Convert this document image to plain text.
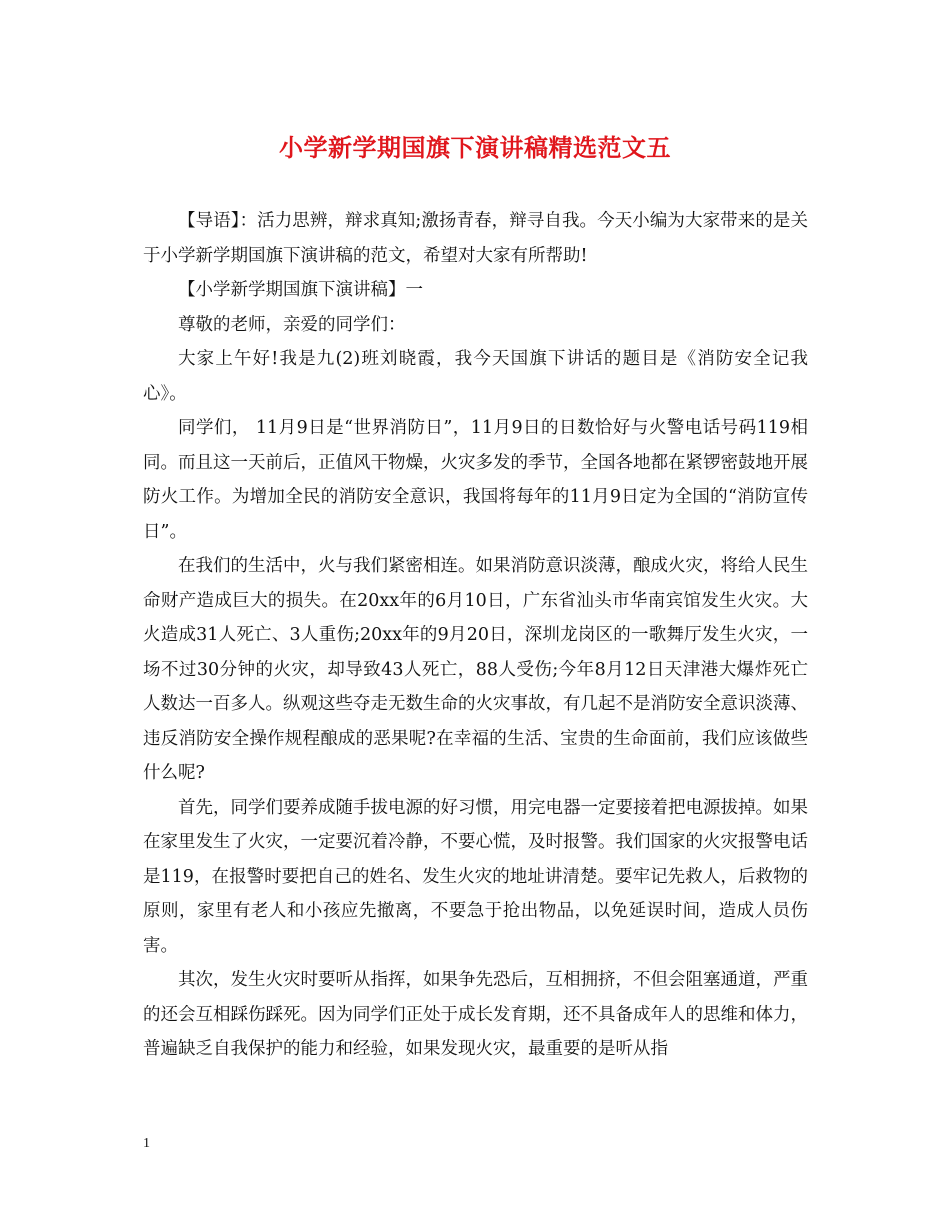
小学新学期国旗下演讲稿精选范文五

【导语】：活力思辨，辩求真知;激扬青春，辩寻自我。今天小编为大家带来的是关于小学新学期国旗下演讲稿的范文，希望对大家有所帮助!

【小学新学期国旗下演讲稿】一

尊敬的老师，亲爱的同学们：

大家上午好!我是九(2)班刘晓霞，我今天国旗下讲话的题目是《消防安全记我心》。

同学们， 11月9日是“世界消防日”，11月9日的日数恰好与火警电话号码119相同。而且这一天前后，正值风干物燥，火灾多发的季节，全国各地都在紧锣密鼓地开展防火工作。为增加全民的消防安全意识，我国将每年的11月9日定为全国的“消防宣传日”。

在我们的生活中，火与我们紧密相连。如果消防意识淡薄，酿成火灾，将给人民生命财产造成巨大的损失。在20xx年的6月10日，广东省汕头市华南宾馆发生火灾。大火造成31人死亡、3人重伤;20xx年的9月20日，深圳龙岗区的一歌舞厅发生火灾，一场不过30分钟的火灾，却导致43人死亡，88人受伤;今年8月12日天津港大爆炸死亡人数达一百多人。纵观这些夺走无数生命的火灾事故，有几起不是消防安全意识淡薄、违反消防安全操作规程酿成的恶果呢?在幸福的生活、宝贵的生命面前，我们应该做些什么呢?

首先，同学们要养成随手拔电源的好习惯，用完电器一定要接着把电源拔掉。如果在家里发生了火灾，一定要沉着冷静，不要心慌，及时报警。我们国家的火灾报警电话是119，在报警时要把自己的姓名、发生火灾的地址讲清楚。要牢记先救人，后救物的原则，家里有老人和小孩应先撤离，不要急于抢出物品，以免延误时间，造成人员伤害。

其次，发生火灾时要听从指挥，如果争先恐后，互相拥挤，不但会阻塞通道，严重的还会互相踩伤踩死。因为同学们正处于成长发育期，还不具备成年人的思维和体力，普遍缺乏自我保护的能力和经验，如果发现火灾，最重要的是听从指

1
